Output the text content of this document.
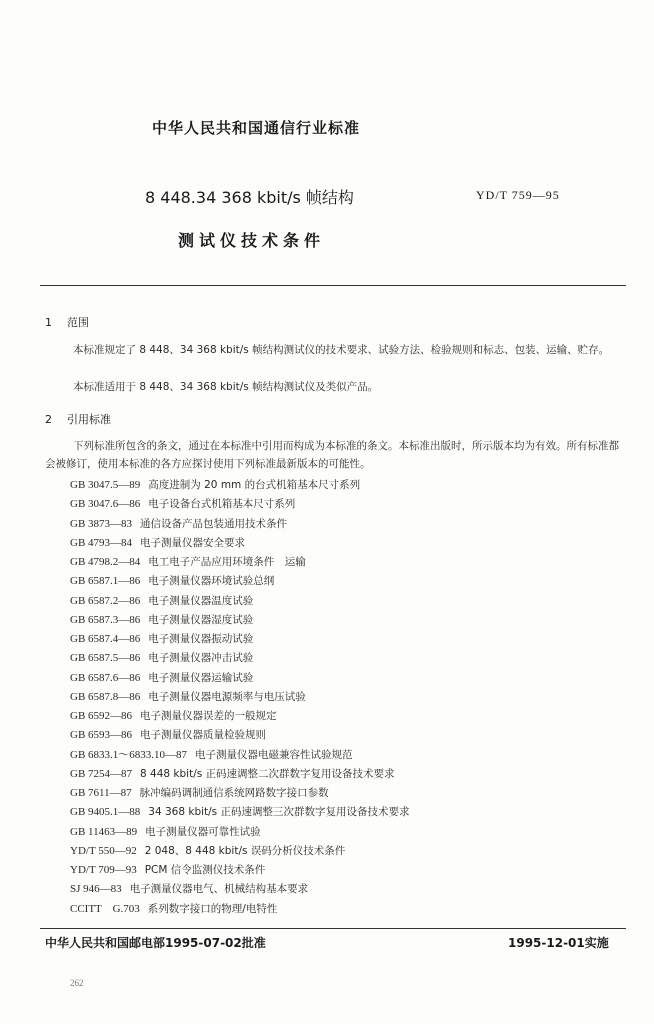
中华人民共和国通信行业标准
8 448.34 368 kbit/s 帧结构	YD/T 759—95
测试仪技术条件
1 范围
本标准规定了 8 448、34 368 kbit/s 帧结构测试仪的技术要求、试验方法、检验规则和标志、包装、运输、贮存。
本标准适用于 8 448、34 368 kbit/s 帧结构测试仪及类似产品。
2 引用标准
下列标准所包含的条文，通过在本标准中引用而构成为本标准的条文。本标准出版时，所示版本均为有效。所有标准都会被修订，使用本标准的各方应探讨使用下列标准最新版本的可能性。
GB 3047.5—89 高度进制为 20 mm 的台式机箱基本尺寸系列
GB 3047.6—86 电子设备台式机箱基本尺寸系列
GB 3873—83 通信设备产品包装通用技术条件
GB 4793—84 电子测量仪器安全要求
GB 4798.2—84 电工电子产品应用环境条件　运输
GB 6587.1—86 电子测量仪器环境试验总纲
GB 6587.2—86 电子测量仪器温度试验
GB 6587.3—86 电子测量仪器湿度试验
GB 6587.4—86 电子测量仪器振动试验
GB 6587.5—86 电子测量仪器冲击试验
GB 6587.6—86 电子测量仪器运输试验
GB 6587.8—86 电子测量仪器电源频率与电压试验
GB 6592—86 电子测量仪器误差的一般规定
GB 6593—86 电子测量仪器质量检验规则
GB 6833.1～6833.10—87 电子测量仪器电磁兼容性试验规范
GB 7254—87 8 448 kbit/s 正码速调整二次群数字复用设备技术要求
GB 7611—87 脉冲编码调制通信系统网路数字接口参数
GB 9405.1—88 34 368 kbit/s 正码速调整三次群数字复用设备技术要求
GB 11463—89 电子测量仪器可靠性试验
YD/T 550—92 2 048、8 448 kbit/s 误码分析仪技术条件
YD/T 709—93 PCM 信令监测仪技术条件
SJ 946—83 电子测量仪器电气、机械结构基本要求
CCITT　G.703 系列数字接口的物理/电特性
中华人民共和国邮电部1995-07-02批准	1995-12-01实施
262
